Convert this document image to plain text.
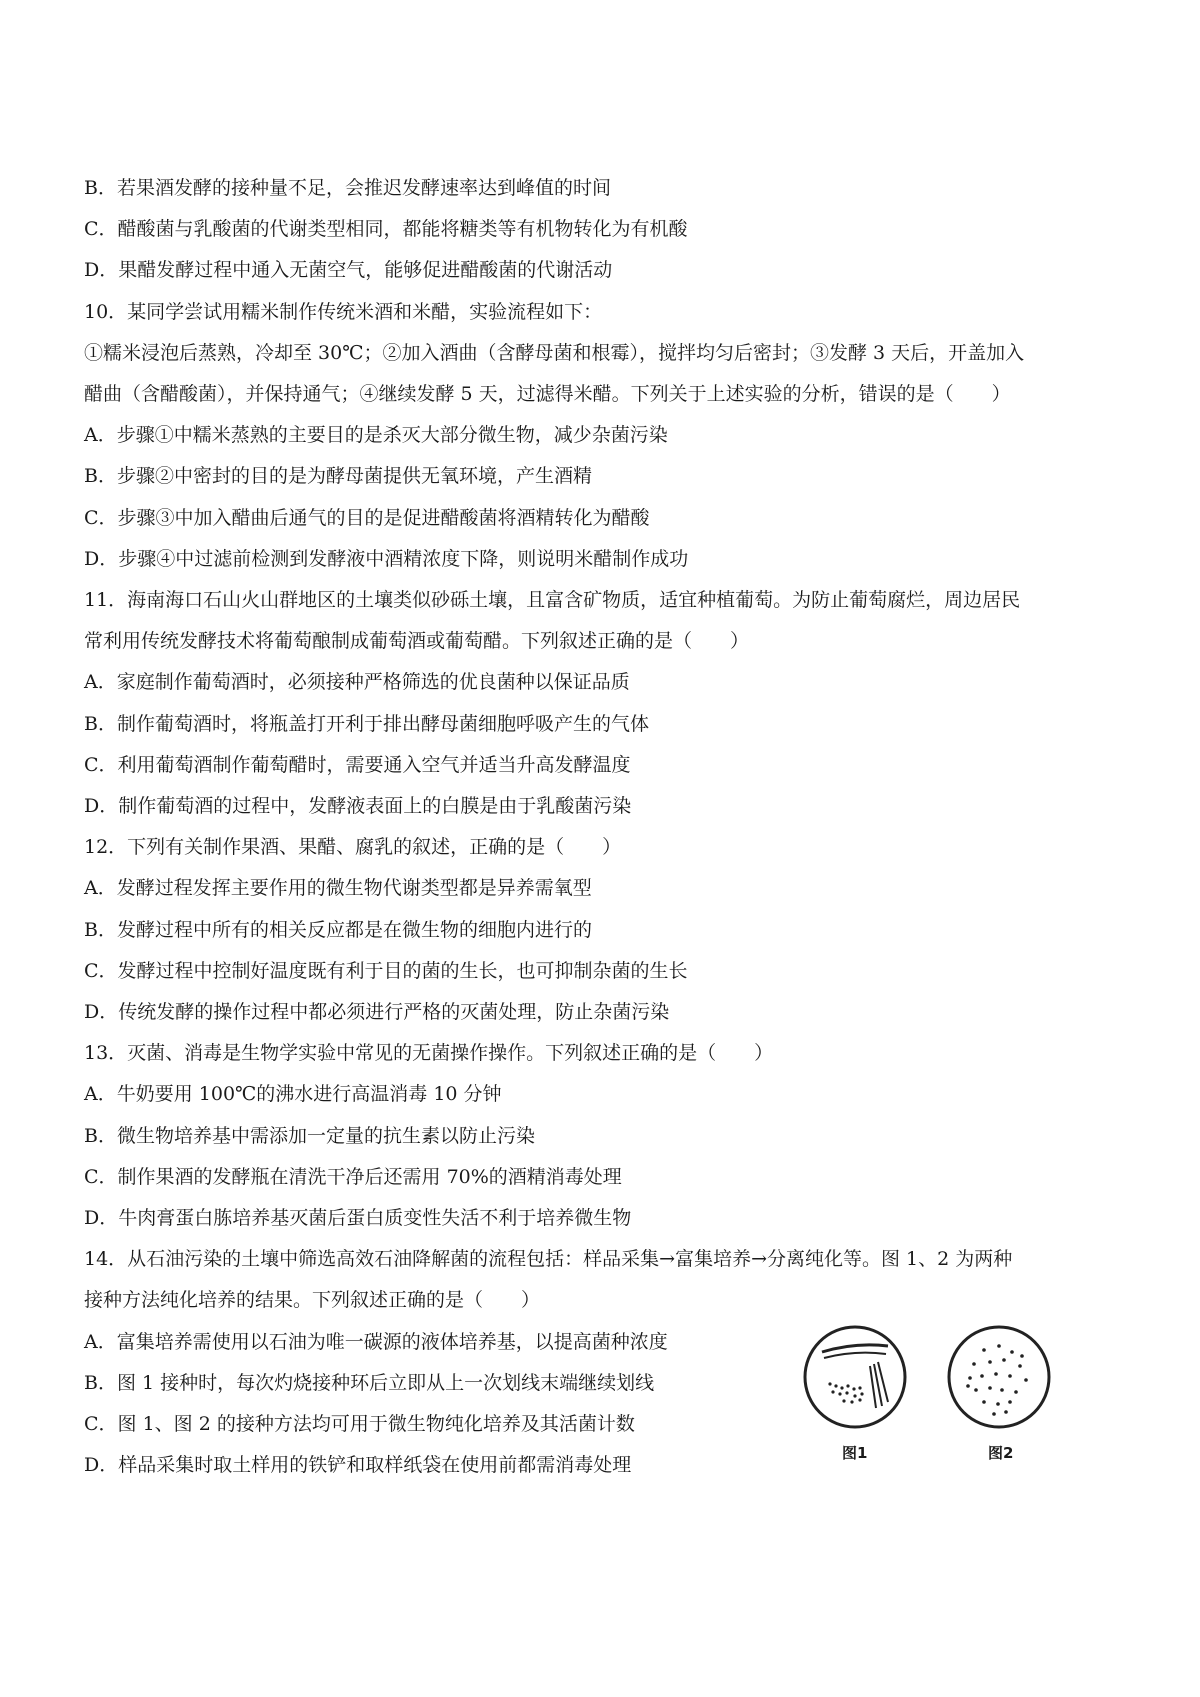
B．若果酒发酵的接种量不足，会推迟发酵速率达到峰值的时间
C．醋酸菌与乳酸菌的代谢类型相同，都能将糖类等有机物转化为有机酸
D．果醋发酵过程中通入无菌空气，能够促进醋酸菌的代谢活动
10．某同学尝试用糯米制作传统米酒和米醋，实验流程如下：
①糯米浸泡后蒸熟，冷却至 30℃；②加入酒曲（含酵母菌和根霉），搅拌均匀后密封；③发酵 3 天后，开盖加入
醋曲（含醋酸菌），并保持通气；④继续发酵 5 天，过滤得米醋。下列关于上述实验的分析，错误的是（　　）
A．步骤①中糯米蒸熟的主要目的是杀灭大部分微生物，减少杂菌污染
B．步骤②中密封的目的是为酵母菌提供无氧环境，产生酒精
C．步骤③中加入醋曲后通气的目的是促进醋酸菌将酒精转化为醋酸
D．步骤④中过滤前检测到发酵液中酒精浓度下降，则说明米醋制作成功
11．海南海口石山火山群地区的土壤类似砂砾土壤，且富含矿物质，适宜种植葡萄。为防止葡萄腐烂，周边居民
常利用传统发酵技术将葡萄酿制成葡萄酒或葡萄醋。下列叙述正确的是（　　）
A．家庭制作葡萄酒时，必须接种严格筛选的优良菌种以保证品质
B．制作葡萄酒时，将瓶盖打开利于排出酵母菌细胞呼吸产生的气体
C．利用葡萄酒制作葡萄醋时，需要通入空气并适当升高发酵温度
D．制作葡萄酒的过程中，发酵液表面上的白膜是由于乳酸菌污染
12．下列有关制作果酒、果醋、腐乳的叙述，正确的是（　　）
A．发酵过程发挥主要作用的微生物代谢类型都是异养需氧型
B．发酵过程中所有的相关反应都是在微生物的细胞内进行的
C．发酵过程中控制好温度既有利于目的菌的生长，也可抑制杂菌的生长
D．传统发酵的操作过程中都必须进行严格的灭菌处理，防止杂菌污染
13．灭菌、消毒是生物学实验中常见的无菌操作操作。下列叙述正确的是（　　）
A．牛奶要用 100℃的沸水进行高温消毒 10 分钟
B．微生物培养基中需添加一定量的抗生素以防止污染
C．制作果酒的发酵瓶在清洗干净后还需用 70%的酒精消毒处理
D．牛肉膏蛋白胨培养基灭菌后蛋白质变性失活不利于培养微生物
14．从石油污染的土壤中筛选高效石油降解菌的流程包括：样品采集→富集培养→分离纯化等。图 1、2 为两种
接种方法纯化培养的结果。下列叙述正确的是（　　）
A．富集培养需使用以石油为唯一碳源的液体培养基，以提高菌种浓度
B．图 1 接种时，每次灼烧接种环后立即从上一次划线末端继续划线
C．图 1、图 2 的接种方法均可用于微生物纯化培养及其活菌计数
D．样品采集时取土样用的铁铲和取样纸袋在使用前都需消毒处理
图1	图2
